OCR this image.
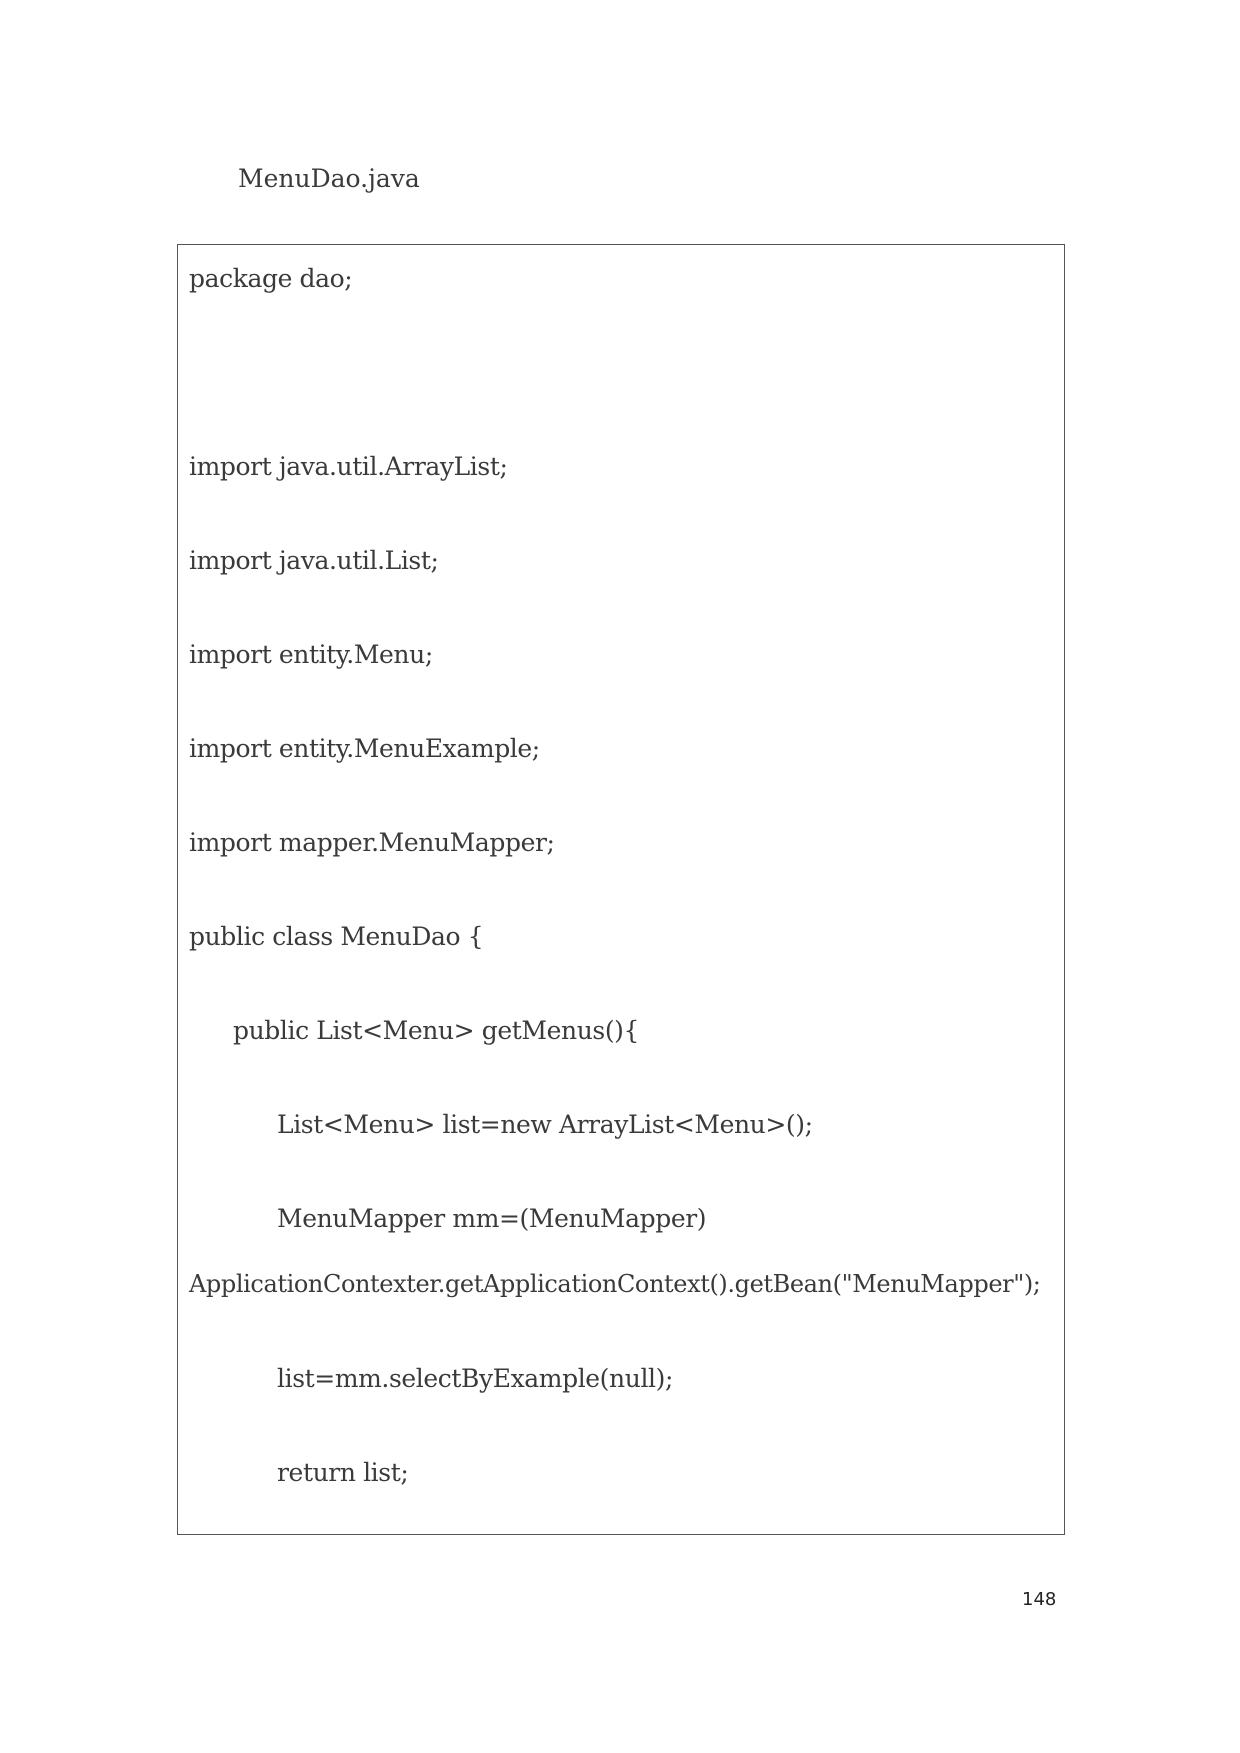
MenuDao.java
package dao;
import java.util.ArrayList;
import java.util.List;
import entity.Menu;
import entity.MenuExample;
import mapper.MenuMapper;
public class MenuDao {
public List<Menu> getMenus(){
List<Menu> list=new ArrayList<Menu>();
MenuMapper mm=(MenuMapper)
ApplicationContexter.getApplicationContext().getBean("MenuMapper");
list=mm.selectByExample(null);
return list;
148
